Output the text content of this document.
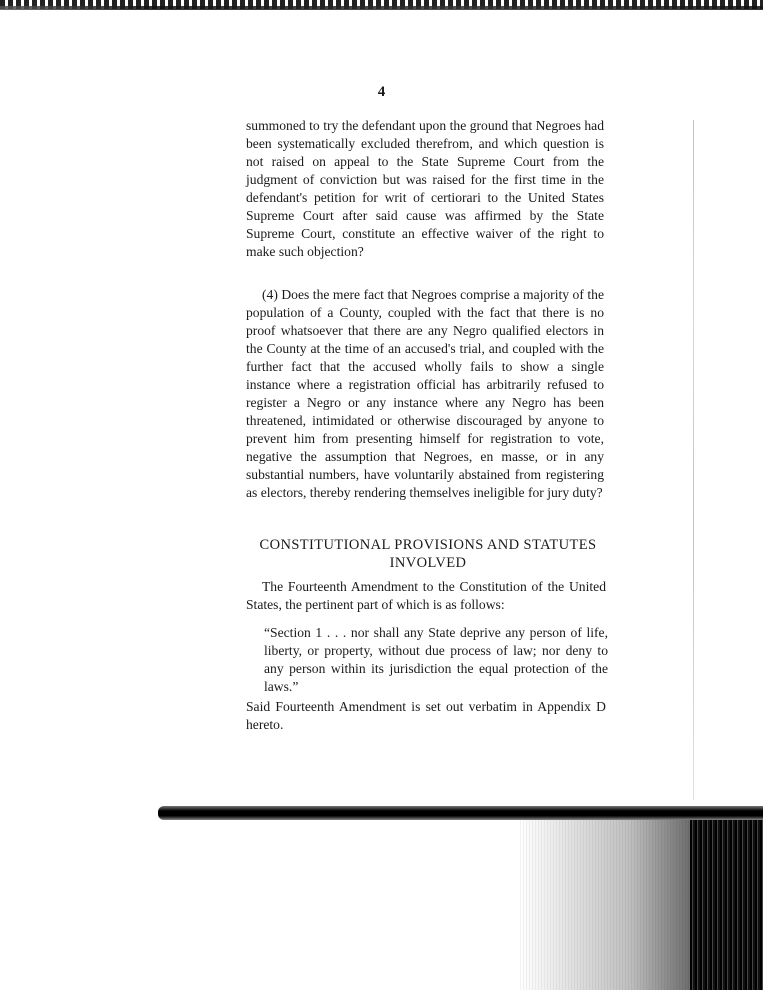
4
summoned to try the defendant upon the ground that Negroes had been systematically excluded therefrom, and which question is not raised on appeal to the State Supreme Court from the judgment of conviction but was raised for the first time in the defendant's petition for writ of certiorari to the United States Supreme Court after said cause was affirmed by the State Supreme Court, constitute an effective waiver of the right to make such objection?
(4) Does the mere fact that Negroes comprise a majority of the population of a County, coupled with the fact that there is no proof whatsoever that there are any Negro qualified electors in the County at the time of an accused's trial, and coupled with the further fact that the accused wholly fails to show a single instance where a registration official has arbitrarily refused to register a Negro or any instance where any Negro has been threatened, intimidated or otherwise discouraged by anyone to prevent him from presenting himself for registration to vote, negative the assumption that Negroes, en masse, or in any substantial numbers, have voluntarily abstained from registering as electors, thereby rendering themselves ineligible for jury duty?
CONSTITUTIONAL PROVISIONS AND STATUTES INVOLVED
The Fourteenth Amendment to the Constitution of the United States, the pertinent part of which is as follows:
“Section 1 . . . nor shall any State deprive any person of life, liberty, or property, without due process of law; nor deny to any person within its jurisdiction the equal protection of the laws.”
Said Fourteenth Amendment is set out verbatim in Appendix D hereto.
